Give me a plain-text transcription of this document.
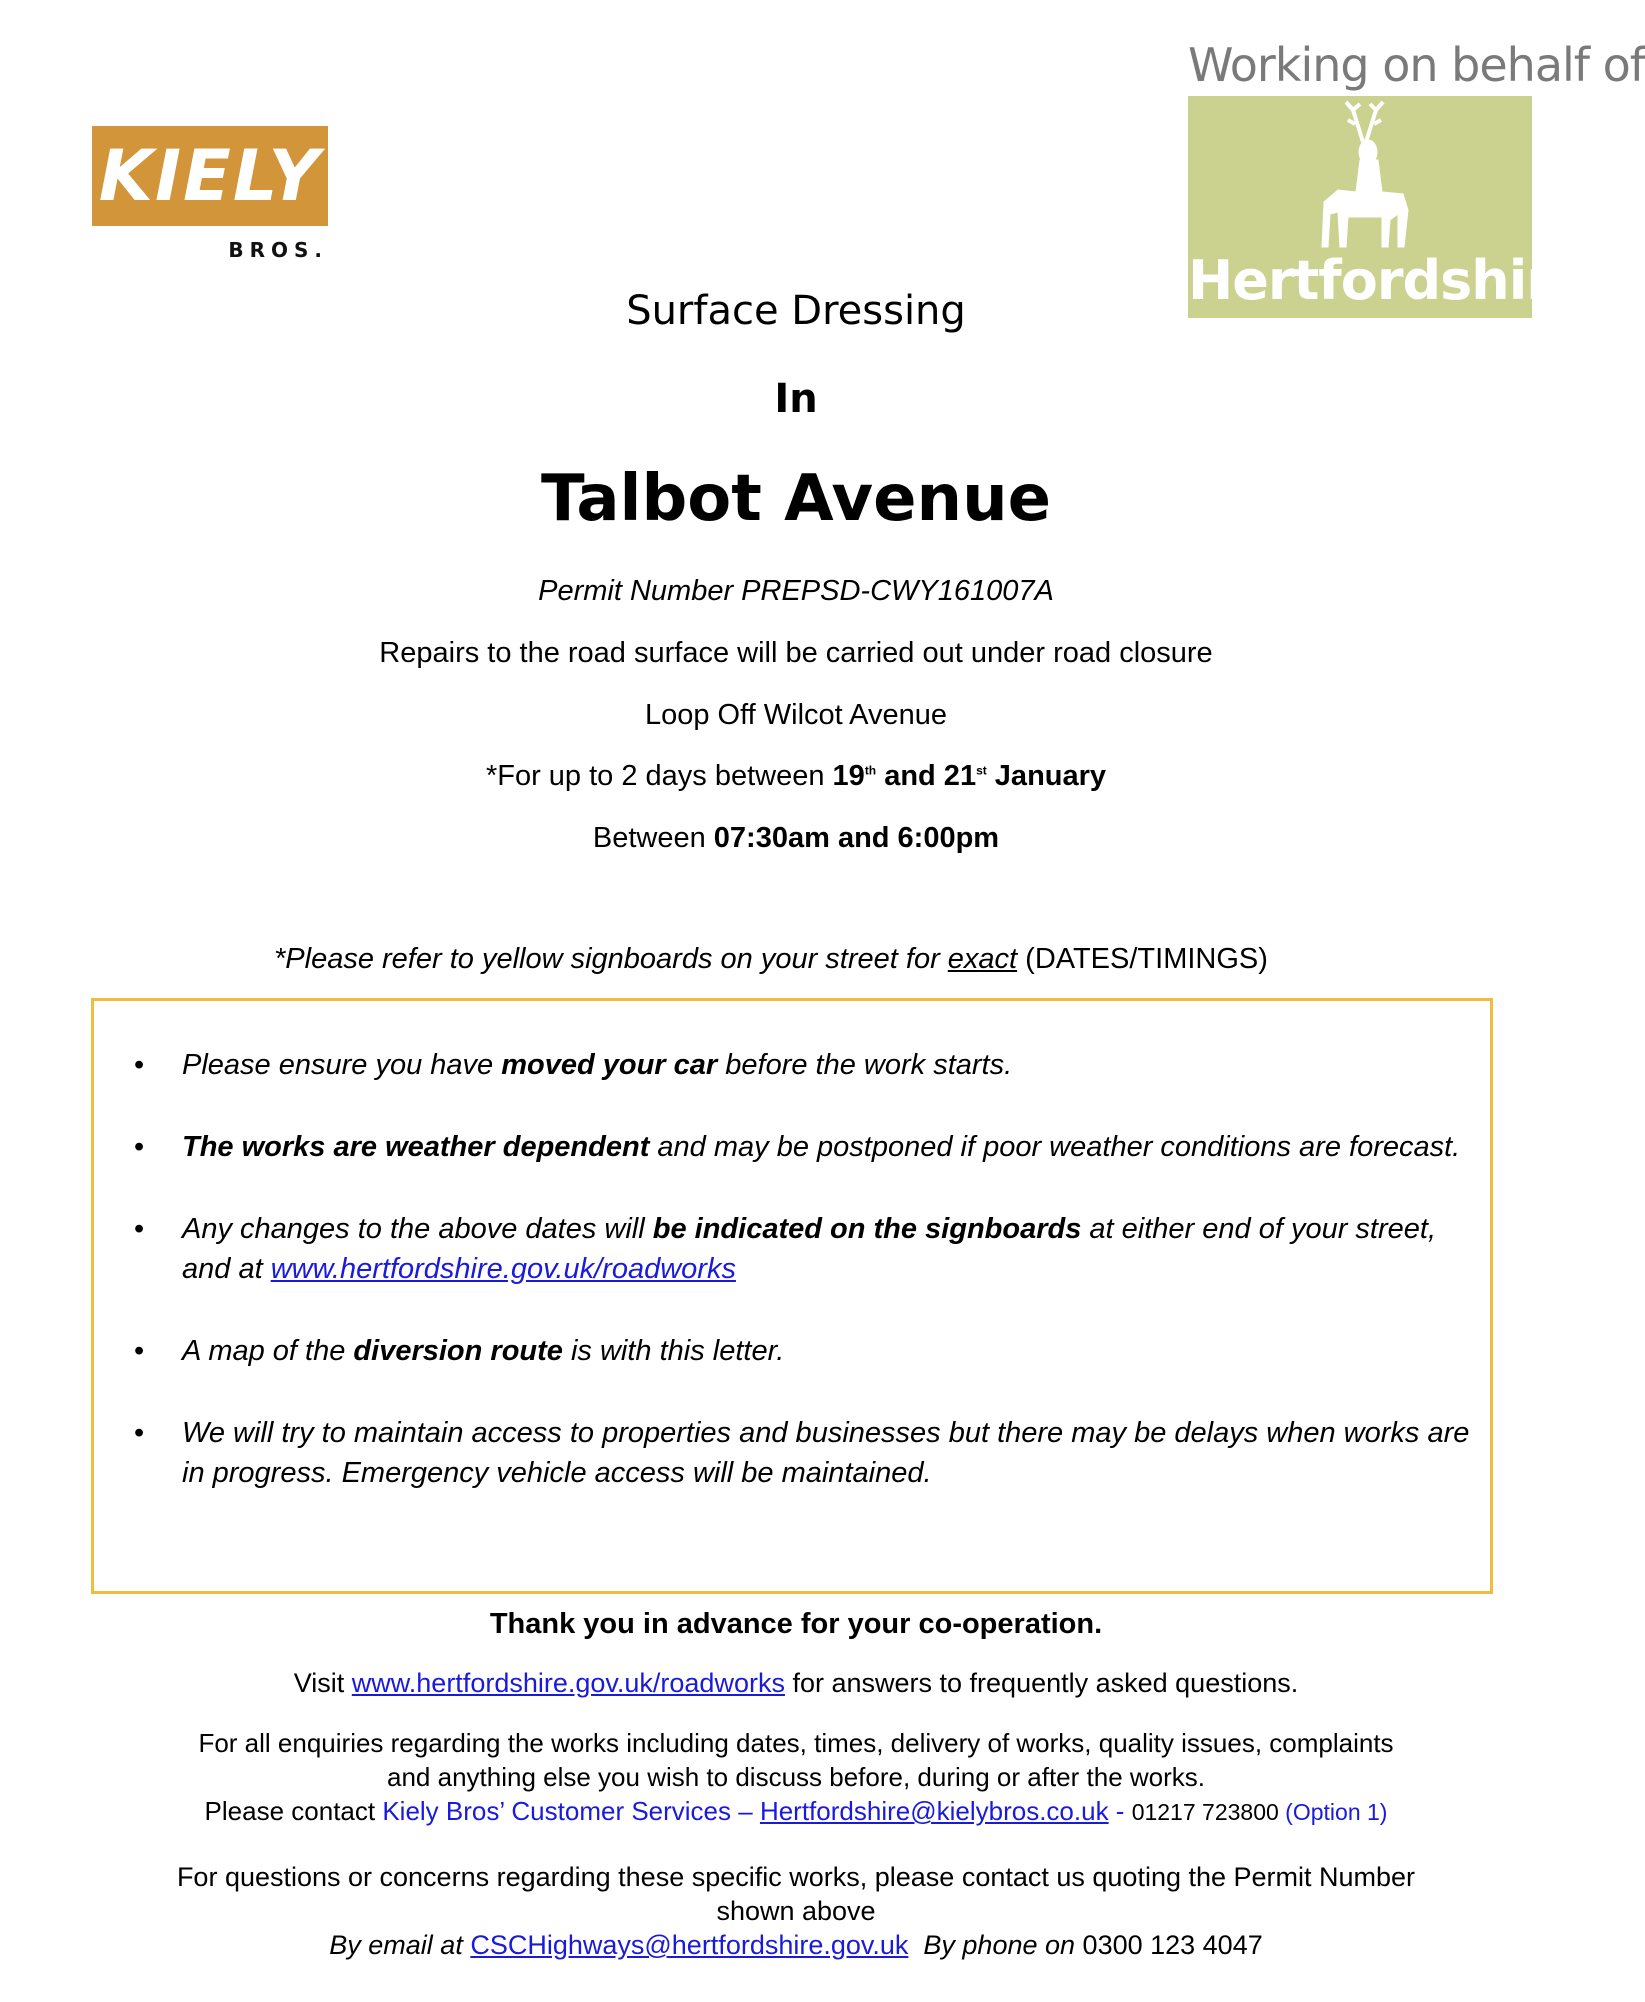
KIELY
BROS.
Working on behalf of
Hertfordshire
Surface Dressing
In
Talbot Avenue
Permit Number PREPSD-CWY161007A
Repairs to the road surface will be carried out under road closure
Loop Off Wilcot Avenue
*For up to 2 days between 19th and 21st January
Between 07:30am and 6:00pm
*Please refer to yellow signboards on your street for exact (DATES/TIMINGS)
• Please ensure you have moved your car before the work starts.
• The works are weather dependent and may be postponed if poor weather conditions are forecast.
• Any changes to the above dates will be indicated on the signboards at either end of your street, and at www.hertfordshire.gov.uk/roadworks
• A map of the diversion route is with this letter.
• We will try to maintain access to properties and businesses but there may be delays when works are in progress. Emergency vehicle access will be maintained.
Thank you in advance for your co-operation.
Visit www.hertfordshire.gov.uk/roadworks for answers to frequently asked questions.
For all enquiries regarding the works including dates, times, delivery of works, quality issues, complaints
and anything else you wish to discuss before, during or after the works.
Please contact Kiely Bros’ Customer Services – Hertfordshire@kielybros.co.uk - 01217 723800 (Option 1)
For questions or concerns regarding these specific works, please contact us quoting the Permit Number
shown above
By email at CSCHighways@hertfordshire.gov.uk  By phone on 0300 123 4047
